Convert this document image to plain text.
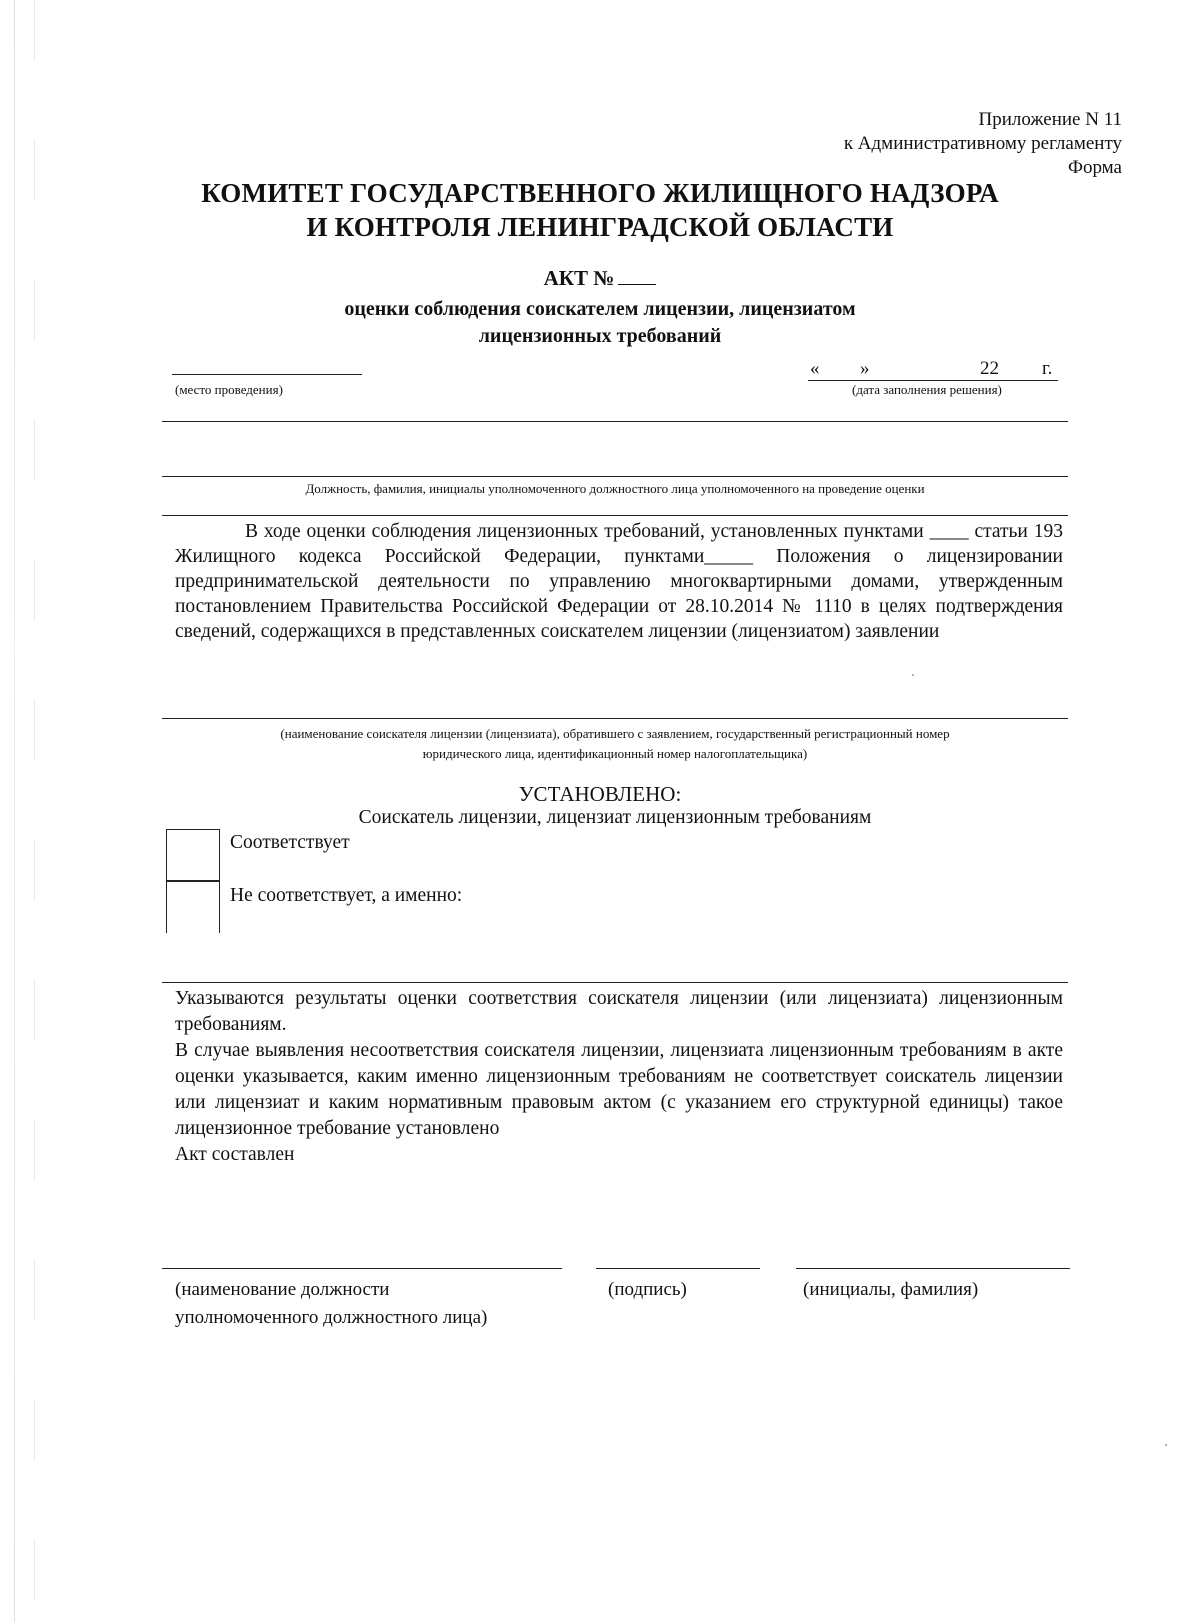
Приложение N 11
к Административному регламенту
Форма
КОМИТЕТ ГОСУДАРСТВЕННОГО ЖИЛИЩНОГО НАДЗОРА
И КОНТРОЛЯ ЛЕНИНГРАДСКОЙ ОБЛАСТИ
АКТ №
оценки соблюдения соискателем лицензии, лицензиатом
лицензионных требований
(место проведения)
« »	22 г.
(дата заполнения решения)
Должность, фамилия, инициалы уполномоченного должностного лица уполномоченного на проведение оценки
В ходе оценки соблюдения лицензионных требований, установленных пунктами ____ статьи 193 Жилищного кодекса Российской Федерации, пунктами_____ Положения о лицензировании предпринимательской деятельности по управлению многоквартирными домами, утвержденным постановлением Правительства Российской Федерации от 28.10.2014 № 1110 в целях подтверждения сведений, содержащихся в представленных соискателем лицензии (лицензиатом) заявлении
(наименование соискателя лицензии (лицензиата), обратившего с заявлением, государственный регистрационный номер
юридического лица, идентификационный номер налогоплательщика)
УСТАНОВЛЕНО:
Соискатель лицензии, лицензиат лицензионным требованиям
Соответствует
Не соответствует, а именно:

Указываются результаты оценки соответствия соискателя лицензии (или лицензиата) лицензионным требованиям.

В случае выявления несоответствия соискателя лицензии, лицензиата лицензионным требованиям в акте оценки указывается, каким именно лицензионным требованиям не соответствует соискатель лицензии или лицензиат и каким нормативным правовым актом (с указанием его структурной единицы) такое лицензионное требование установлено

Акт составлен

(наименование должности
уполномоченного должностного лица)
(подпись)	(инициалы, фамилия)
